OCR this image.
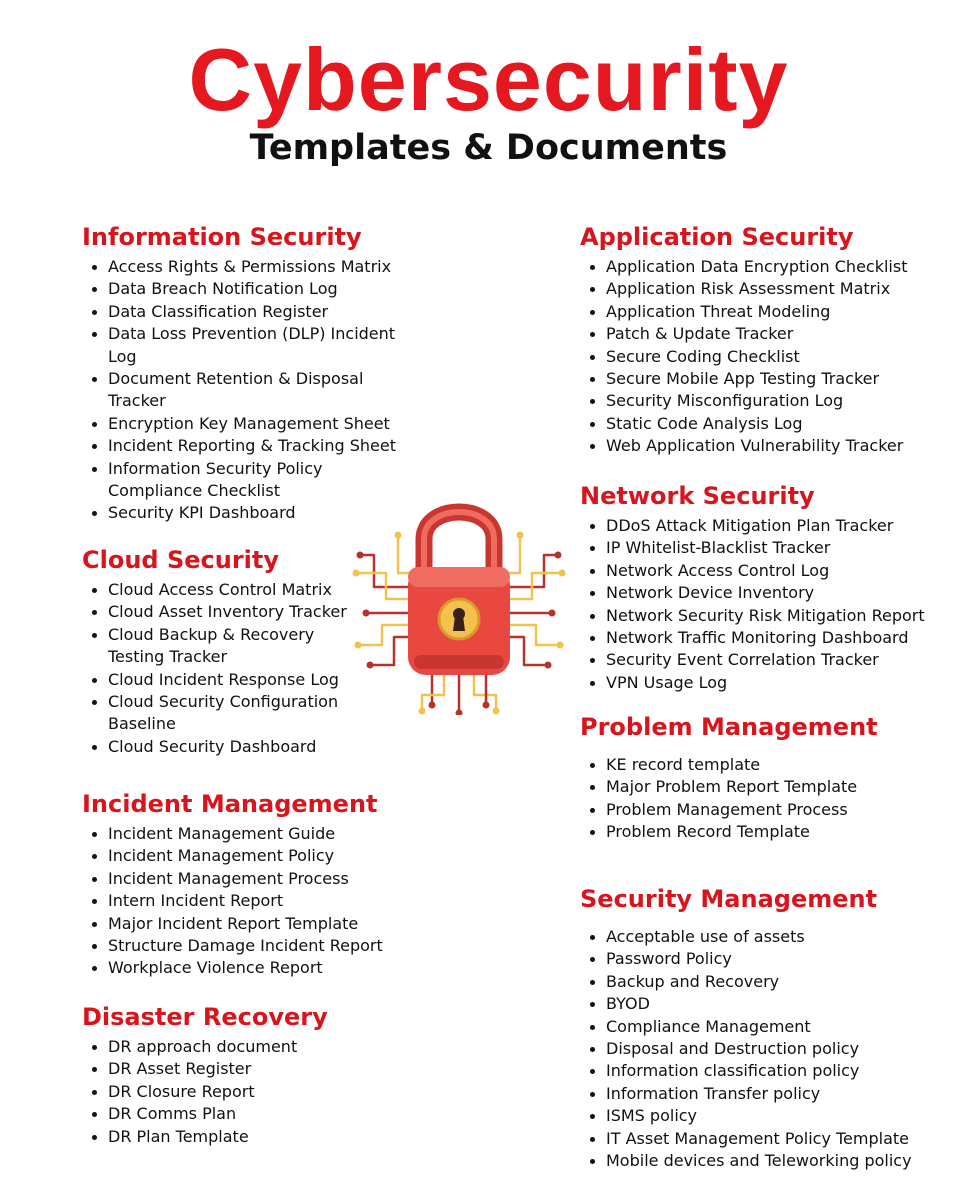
Cybersecurity
Templates & Documents
Information Security
Access Rights & Permissions Matrix
Data Breach Notification Log
Data Classification Register
Data Loss Prevention (DLP) Incident Log
Document Retention & Disposal Tracker
Encryption Key Management Sheet
Incident Reporting & Tracking Sheet
Information Security Policy Compliance Checklist
Security KPI Dashboard
Cloud Security
Cloud Access Control Matrix
Cloud Asset Inventory Tracker
Cloud Backup & Recovery Testing Tracker
Cloud Incident Response Log
Cloud Security Configuration Baseline
Cloud Security Dashboard
Incident Management
Incident Management Guide
Incident Management Policy
Incident Management Process
Intern Incident Report
Major Incident Report Template
Structure Damage Incident Report
Workplace Violence Report
Disaster Recovery
DR approach document
DR Asset Register
DR Closure Report
DR Comms Plan
DR Plan Template
Application Security
Application Data Encryption Checklist
Application Risk Assessment Matrix
Application Threat Modeling
Patch & Update Tracker
Secure Coding Checklist
Secure Mobile App Testing Tracker
Security Misconfiguration Log
Static Code Analysis Log
Web Application Vulnerability Tracker
Network Security
DDoS Attack Mitigation Plan Tracker
IP Whitelist-Blacklist Tracker
Network Access Control Log
Network Device Inventory
Network Security Risk Mitigation Report
Network Traffic Monitoring Dashboard
Security Event Correlation Tracker
VPN Usage Log
Problem Management
KE record template
Major Problem Report Template
Problem Management Process
Problem Record Template
Security Management
Acceptable use of assets
Password Policy
Backup and Recovery
BYOD
Compliance Management
Disposal and Destruction policy
Information classification policy
Information Transfer policy
ISMS policy
IT Asset Management Policy Template
Mobile devices and Teleworking policy
